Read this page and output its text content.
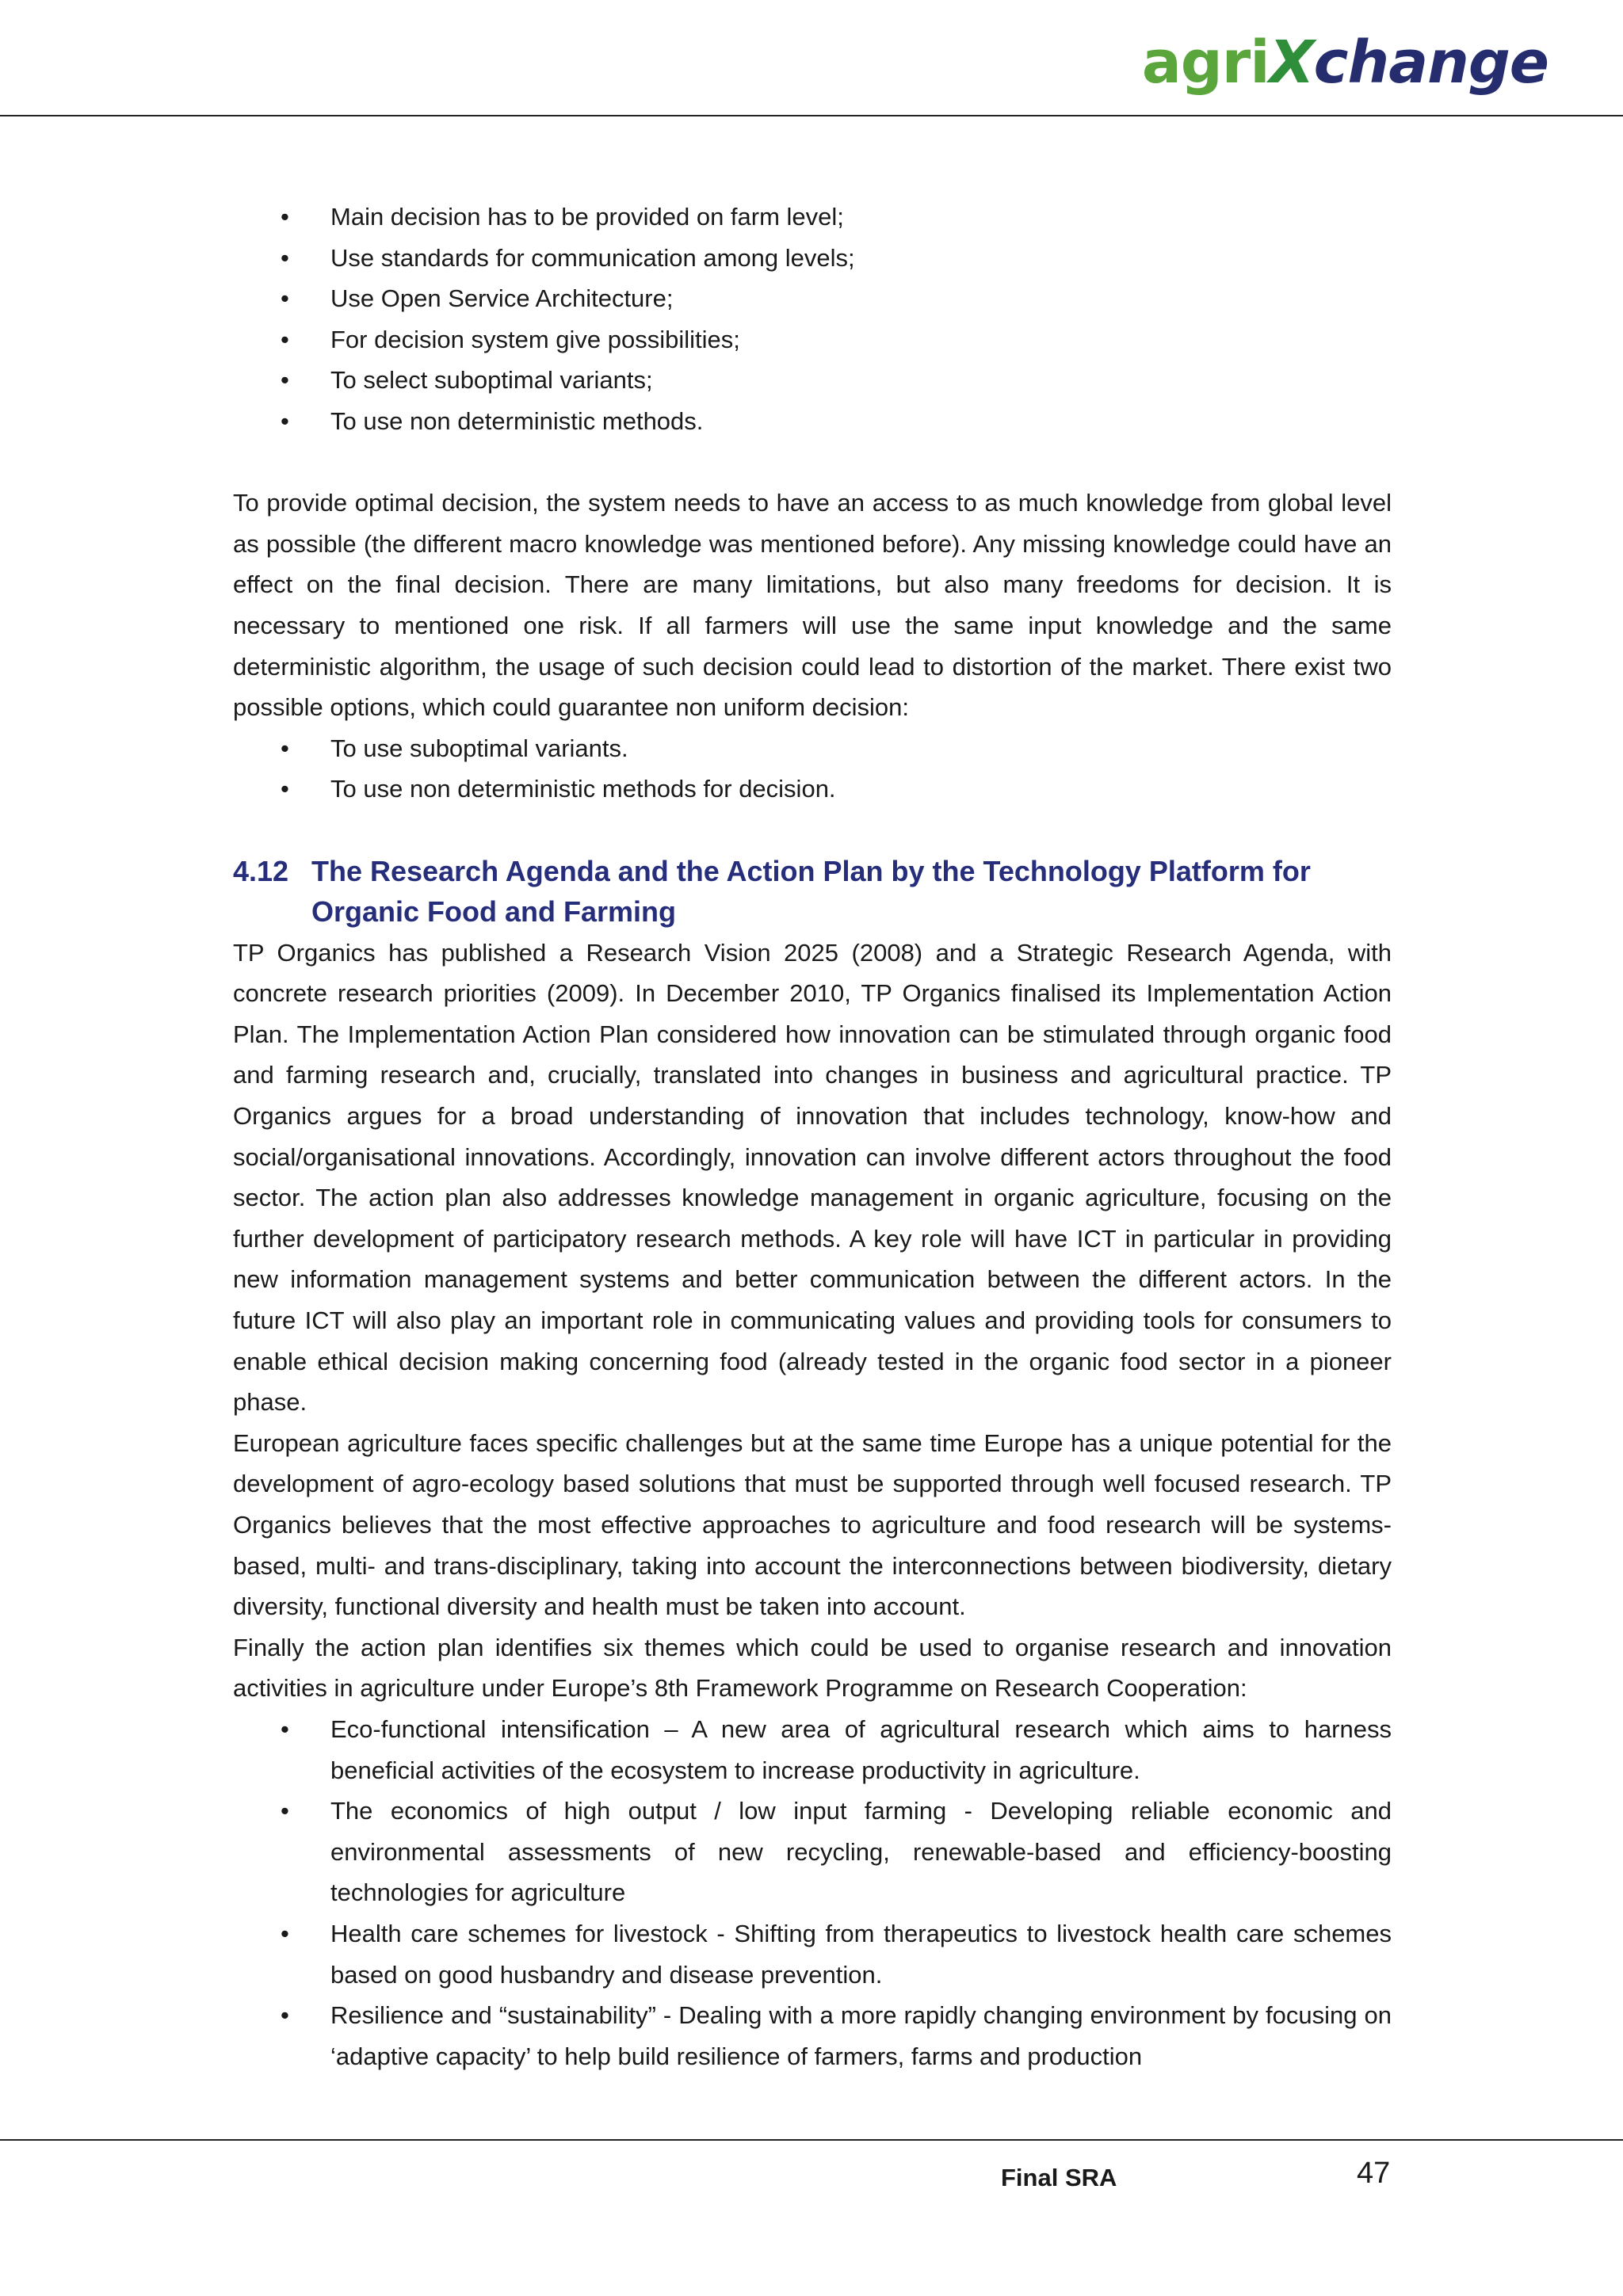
agriXchange
• Main decision has to be provided on farm level;
• Use standards for communication among levels;
• Use Open Service Architecture;
• For decision system give possibilities;
• To select suboptimal variants;
• To use non deterministic methods.

To provide optimal decision, the system needs to have an access to as much knowledge from global level as possible (the different macro knowledge was mentioned before). Any missing knowledge could have an effect on the final decision. There are many limitations, but also many freedoms for decision. It is necessary to mentioned one risk. If all farmers will use the same input knowledge and the same deterministic algorithm, the usage of such decision could lead to distortion of the market. There exist two possible options, which could guarantee non uniform decision:

• To use suboptimal variants.
• To use non deterministic methods for decision.
4.12 The Research Agenda and the Action Plan by the Technology Platform for Organic Food and Farming

TP Organics has published a Research Vision 2025 (2008) and a Strategic Research Agenda, with concrete research priorities (2009). In December 2010, TP Organics finalised its Implementation Action Plan. The Implementation Action Plan considered how innovation can be stimulated through organic food and farming research and, crucially, translated into changes in business and agricultural practice. TP Organics argues for a broad understanding of innovation that includes technology, know-how and social/organisational innovations. Accordingly, innovation can involve different actors throughout the food sector. The action plan also addresses knowledge management in organic agriculture, focusing on the further development of participatory research methods. A key role will have ICT in particular in providing new information management systems and better communication between the different actors. In the future ICT will also play an important role in communicating values and providing tools for consumers to enable ethical decision making concerning food (already tested in the organic food sector in a pioneer phase.

European agriculture faces specific challenges but at the same time Europe has a unique potential for the development of agro-ecology based solutions that must be supported through well focused research. TP Organics believes that the most effective approaches to agriculture and food research will be systems-based, multi- and trans-disciplinary, taking into account the interconnections between biodiversity, dietary diversity, functional diversity and health must be taken into account.

Finally the action plan identifies six themes which could be used to organise research and innovation activities in agriculture under Europe’s 8th Framework Programme on Research Cooperation:

• Eco-functional intensification – A new area of agricultural research which aims to harness beneficial activities of the ecosystem to increase productivity in agriculture.
• The economics of high output / low input farming - Developing reliable economic and environmental assessments of new recycling, renewable-based and efficiency-boosting technologies for agriculture
• Health care schemes for livestock - Shifting from therapeutics to livestock health care schemes based on good husbandry and disease prevention.
• Resilience and “sustainability” - Dealing with a more rapidly changing environment by focusing on ‘adaptive capacity’ to help build resilience of farmers, farms and production
Final SRA	47
